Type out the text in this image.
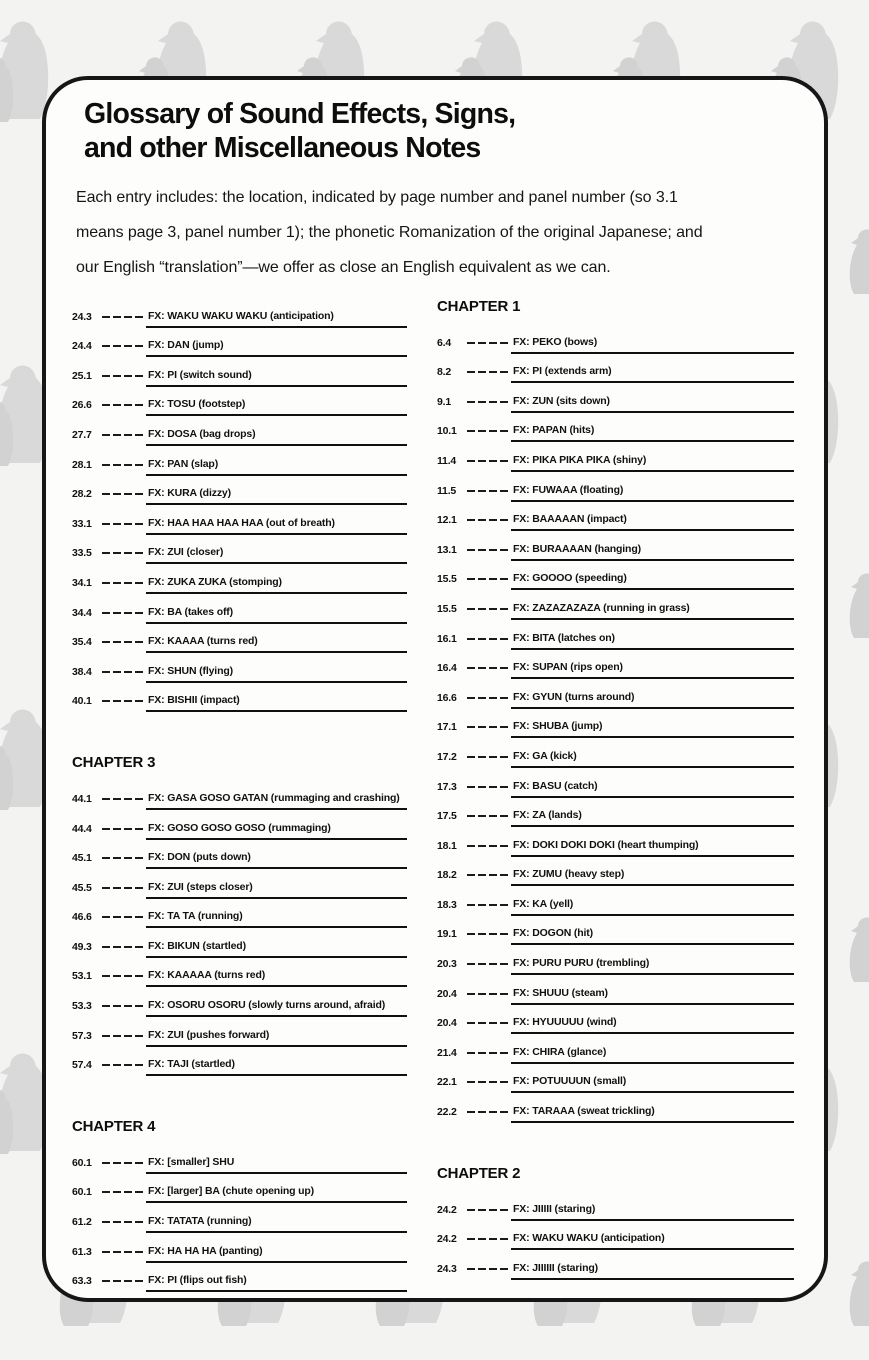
Glossary of Sound Effects, Signs,
and other Miscellaneous Notes

Each entry includes: the location, indicated by page number and panel number (so 3.1
means page 3, panel number 1); the phonetic Romanization of the original Japanese; and
our English “translation”—we offer as close an English equivalent as we can.

24.3	FX: WAKU WAKU WAKU (anticipation)
24.4	FX: DAN (jump)
25.1	FX: PI (switch sound)
26.6	FX: TOSU (footstep)
27.7	FX: DOSA (bag drops)
28.1	FX: PAN (slap)
28.2	FX: KURA (dizzy)
33.1	FX: HAA HAA HAA HAA (out of breath)
33.5	FX: ZUI (closer)
34.1	FX: ZUKA ZUKA (stomping)
34.4	FX: BA (takes off)
35.4	FX: KAAAA (turns red)
38.4	FX: SHUN (flying)
40.1	FX: BISHII (impact)
CHAPTER 3
44.1	FX: GASA GOSO GATAN (rummaging and crashing)
44.4	FX: GOSO GOSO GOSO (rummaging)
45.1	FX: DON (puts down)
45.5	FX: ZUI (steps closer)
46.6	FX: TA TA (running)
49.3	FX: BIKUN (startled)
53.1	FX: KAAAAA (turns red)
53.3	FX: OSORU OSORU (slowly turns around, afraid)
57.3	FX: ZUI (pushes forward)
57.4	FX: TAJI (startled)
CHAPTER 4
60.1	FX: [smaller] SHU
60.1	FX: [larger] BA (chute opening up)
61.2	FX: TATATA (running)
61.3	FX: HA HA HA (panting)
63.3	FX: PI (flips out fish)
CHAPTER 1
6.4	FX: PEKO (bows)
8.2	FX: PI (extends arm)
9.1	FX: ZUN (sits down)
10.1	FX: PAPAN (hits)
11.4	FX: PIKA PIKA PIKA (shiny)
11.5	FX: FUWAAA (floating)
12.1	FX: BAAAAAN (impact)
13.1	FX: BURAAAAN (hanging)
15.5	FX: GOOOO (speeding)
15.5	FX: ZAZAZAZAZA (running in grass)
16.1	FX: BITA (latches on)
16.4	FX: SUPAN (rips open)
16.6	FX: GYUN (turns around)
17.1	FX: SHUBA (jump)
17.2	FX: GA (kick)
17.3	FX: BASU (catch)
17.5	FX: ZA (lands)
18.1	FX: DOKI DOKI DOKI (heart thumping)
18.2	FX: ZUMU (heavy step)
18.3	FX: KA (yell)
19.1	FX: DOGON (hit)
20.3	FX: PURU PURU (trembling)
20.4	FX: SHUUU (steam)
20.4	FX: HYUUUUU (wind)
21.4	FX: CHIRA (glance)
22.1	FX: POTUUUUN (small)
22.2	FX: TARAAA (sweat trickling)
CHAPTER 2
24.2	FX: JIIIII (staring)
24.2	FX: WAKU WAKU (anticipation)
24.3	FX: JIIIIII (staring)
